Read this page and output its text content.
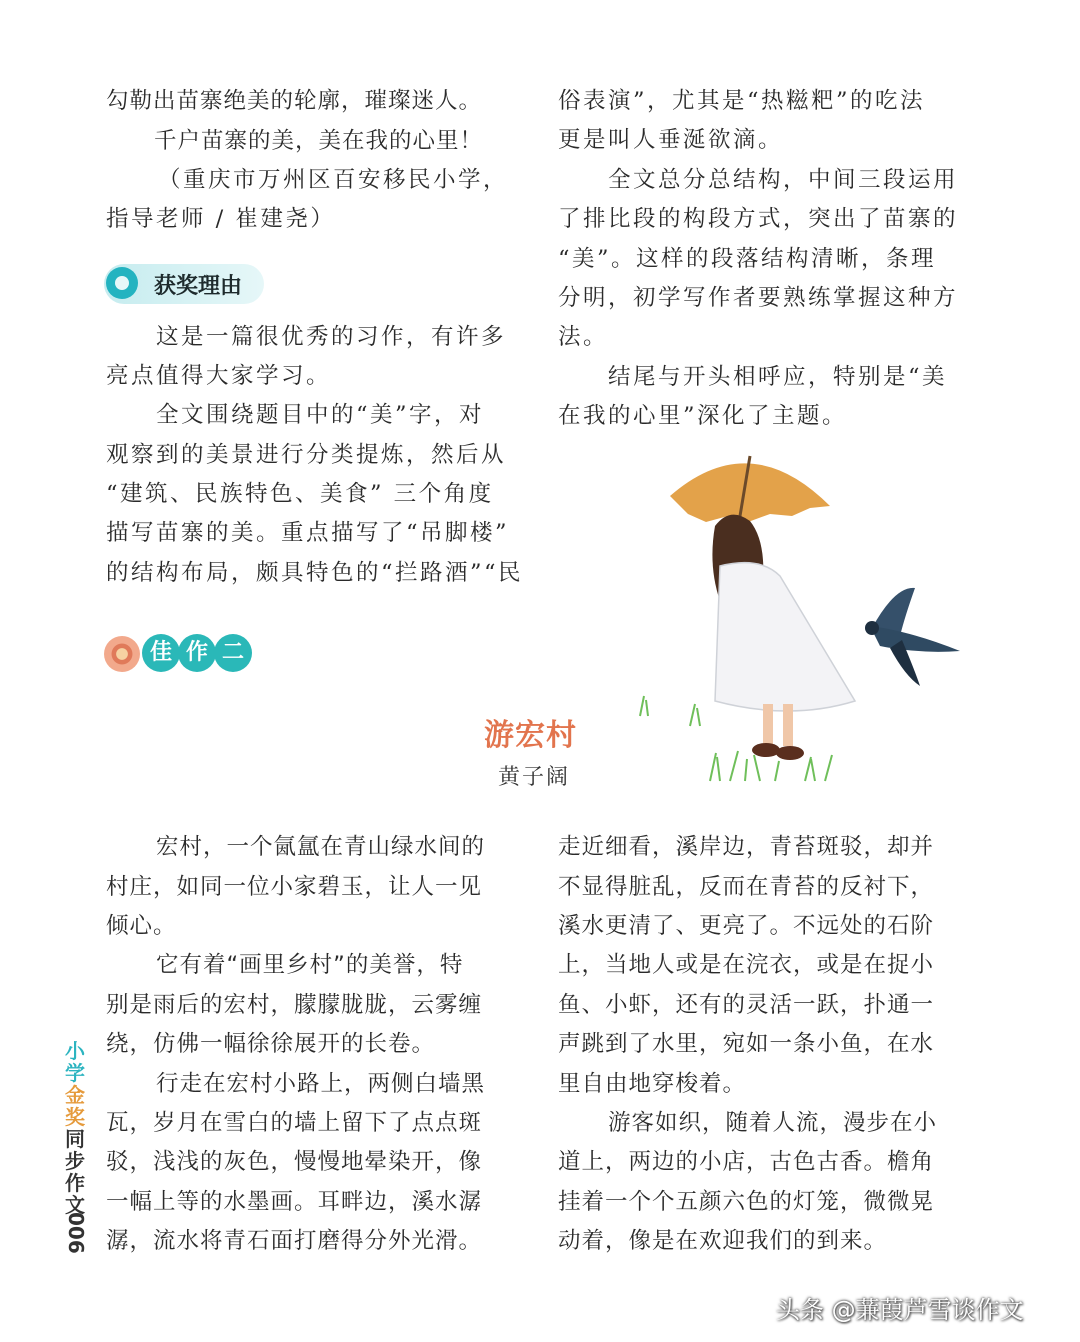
勾勒出苗寨绝美的轮廓，璀璨迷人。
千户苗寨的美，美在我的心里！
（重庆市万州区百安移民小学，
指导老师 / 崔建尧）
获奖理由
这是一篇很优秀的习作，有许多
亮点值得大家学习。
全文围绕题目中的“美”字，对
观察到的美景进行分类提炼，然后从
“建筑、民族特色、美食” 三个角度
描写苗寨的美。重点描写了“吊脚楼”
的结构布局，颇具特色的“拦路酒”“民
俗表演”，尤其是“热糍粑”的吃法
更是叫人垂涎欲滴。
全文总分总结构，中间三段运用
了排比段的构段方式，突出了苗寨的
“美”。这样的段落结构清晰，条理
分明，初学写作者要熟练掌握这种方
法。
结尾与开头相呼应，特别是“美
在我的心里”深化了主题。
佳 作 二
游宏村
黄子阔
宏村，一个氤氲在青山绿水间的
村庄，如同一位小家碧玉，让人一见
倾心。
它有着“画里乡村”的美誉，特
别是雨后的宏村，朦朦胧胧，云雾缠
绕，仿佛一幅徐徐展开的长卷。
行走在宏村小路上，两侧白墙黑
瓦，岁月在雪白的墙上留下了点点斑
驳，浅浅的灰色，慢慢地晕染开，像
一幅上等的水墨画。耳畔边，溪水潺
潺，流水将青石面打磨得分外光滑。
走近细看，溪岸边，青苔斑驳，却并
不显得脏乱，反而在青苔的反衬下，
溪水更清了、更亮了。不远处的石阶
上，当地人或是在浣衣，或是在捉小
鱼、小虾，还有的灵活一跃，扑通一
声跳到了水里，宛如一条小鱼，在水
里自由地穿梭着。
游客如织，随着人流，漫步在小
道上，两边的小店，古色古香。檐角
挂着一个个五颜六色的灯笼，微微晃
动着，像是在欢迎我们的到来。
小
学
金
奖
同
步
作
文
006
头条 @蒹葭芦雪谈作文
